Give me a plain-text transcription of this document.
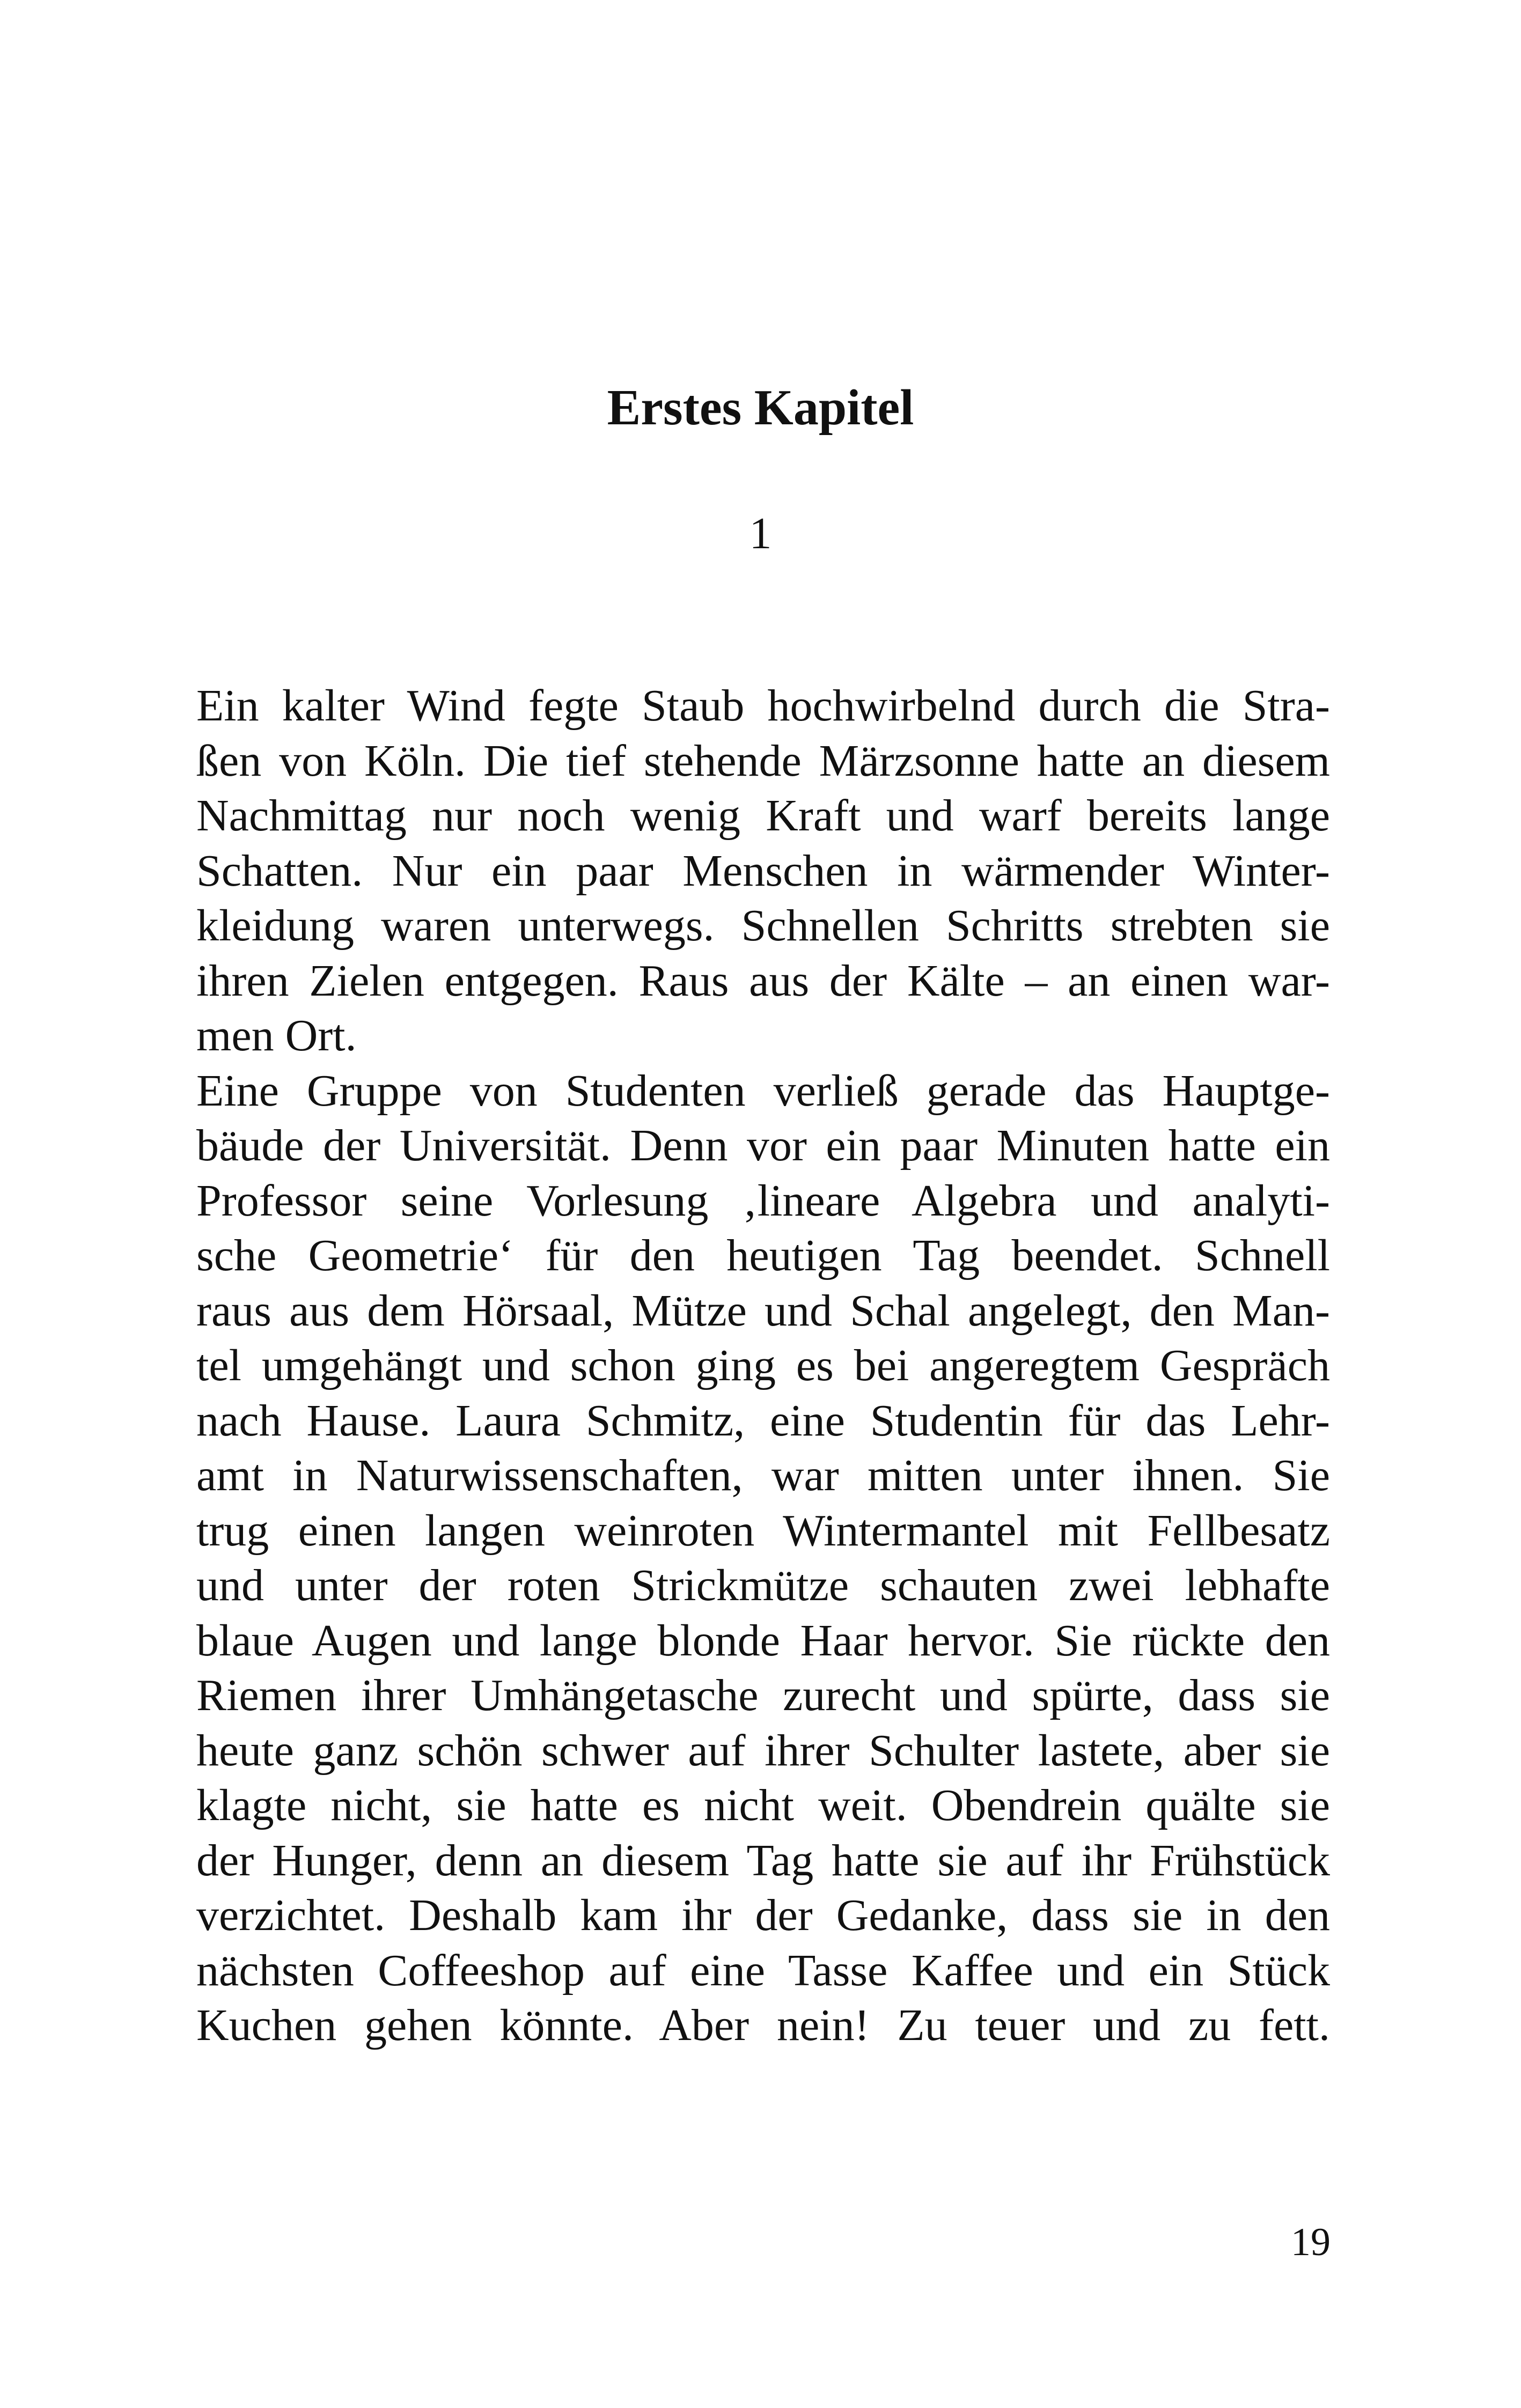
Erstes Kapitel
1
Ein kalter Wind fegte Staub hochwirbelnd durch die Stra-
ßen von Köln. Die tief stehende Märzsonne hatte an diesem
Nachmittag nur noch wenig Kraft und warf bereits lange
Schatten. Nur ein paar Menschen in wärmender Winter-
kleidung waren unterwegs. Schnellen Schritts strebten sie
ihren Zielen entgegen. Raus aus der Kälte – an einen war-
men Ort.
Eine Gruppe von Studenten verließ gerade das Hauptge-
bäude der Universität. Denn vor ein paar Minuten hatte ein
Professor seine Vorlesung ‚lineare Algebra und analyti-
sche Geometrie‘ für den heutigen Tag beendet. Schnell
raus aus dem Hörsaal, Mütze und Schal angelegt, den Man-
tel umgehängt und schon ging es bei angeregtem Gespräch
nach Hause. Laura Schmitz, eine Studentin für das Lehr-
amt in Naturwissenschaften, war mitten unter ihnen. Sie
trug einen langen weinroten Wintermantel mit Fellbesatz
und unter der roten Strickmütze schauten zwei lebhafte
blaue Augen und lange blonde Haar hervor. Sie rückte den
Riemen ihrer Umhängetasche zurecht und spürte, dass sie
heute ganz schön schwer auf ihrer Schulter lastete, aber sie
klagte nicht, sie hatte es nicht weit. Obendrein quälte sie
der Hunger, denn an diesem Tag hatte sie auf ihr Frühstück
verzichtet. Deshalb kam ihr der Gedanke, dass sie in den
nächsten Coffeeshop auf eine Tasse Kaffee und ein Stück
Kuchen gehen könnte. Aber nein! Zu teuer und zu fett.
19
